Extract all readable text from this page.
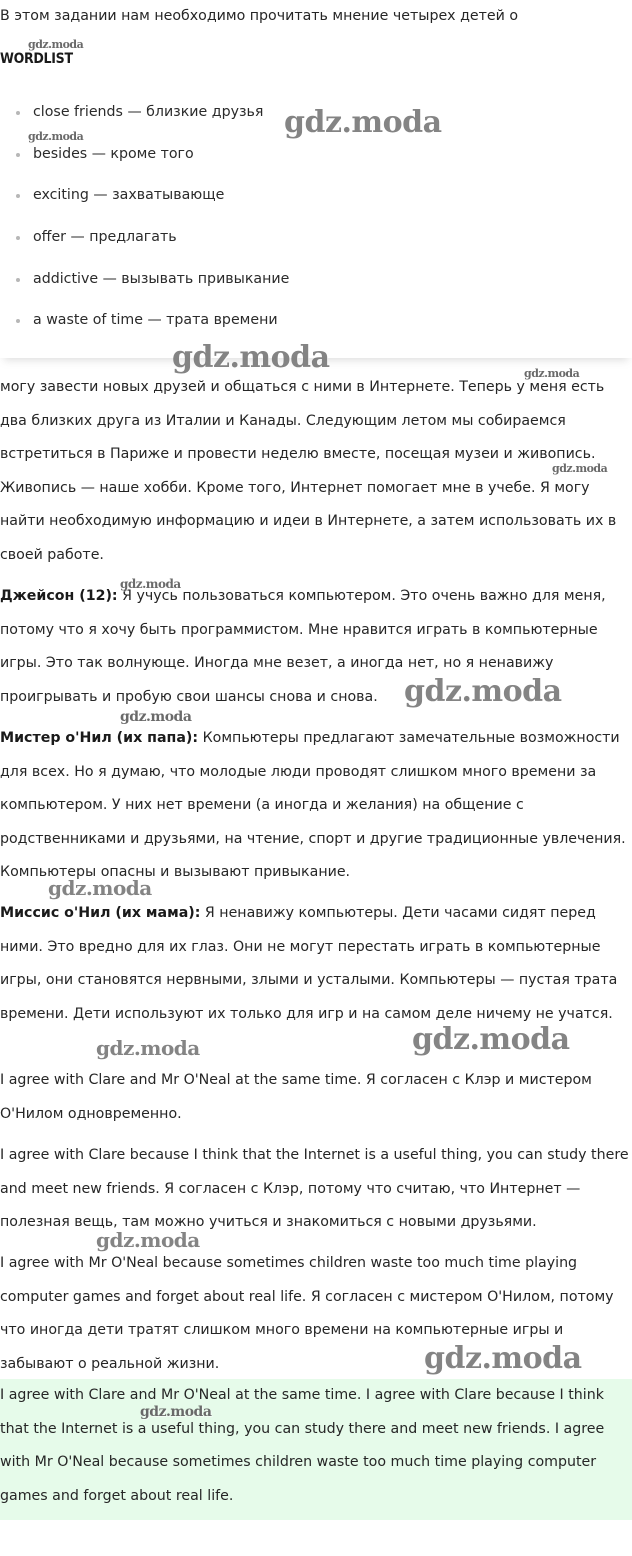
В этом задании нам необходимо прочитать мнение четырех детей о

могу завести новых друзей и общаться с ними в Интернете. Теперь у меня есть два близких друга из Италии и Канады. Следующим летом мы собираемся встретиться в Париже и провести неделю вместе, посещая музеи и живопись. Живопись — наше хобби. Кроме того, Интернет помогает мне в учебе. Я могу найти необходимую информацию и идеи в Интернете, а затем использовать их в своей работе.

Джейсон (12): Я учусь пользоваться компьютером. Это очень важно для меня, потому что я хочу быть программистом. Мне нравится играть в компьютерные игры. Это так волнующе. Иногда мне везет, а иногда нет, но я ненавижу проигрывать и пробую свои шансы снова и снова.

Мистер о'Нил (их папа): Компьютеры предлагают замечательные возможности для всех. Но я думаю, что молодые люди проводят слишком много времени за компьютером. У них нет времени (а иногда и желания) на общение с родственниками и друзьями, на чтение, спорт и другие традиционные увлечения. Компьютеры опасны и вызывают привыкание.

Миссис о'Нил (их мама): Я ненавижу компьютеры. Дети часами сидят перед ними. Это вредно для их глаз. Они не могут перестать играть в компьютерные игры, они становятся нервными, злыми и усталыми. Компьютеры — пустая трата времени. Дети используют их только для игр и на самом деле ничему не учатся.

I agree with Clare and Mr O'Neal at the same time. Я согласен с Клэр и мистером О'Нилом одновременно.

I agree with Clare because I think that the Internet is a useful thing, you can study there and meet new friends. Я согласен с Клэр, потому что считаю, что Интернет — полезная вещь, там можно учиться и знакомиться с новыми друзьями.

I agree with Mr O'Neal because sometimes children waste too much time playing computer games and forget about real life. Я согласен с мистером О'Нилом, потому что иногда дети тратят слишком много времени на компьютерные игры и забывают о реальной жизни.

I agree with Clare and Mr O'Neal at the same time. I agree with Clare because I think that the Internet is a useful thing, you can study there and meet new friends. I agree with Mr O'Neal because sometimes children waste too much time playing computer games and forget about real life.

WORDLIST

close friends — близкие друзья
besides — кроме того
exciting — захватывающе
offer — предлагать
addictive — вызывать привыкание
a waste of time — трата времени
gdz.moda
gdz.moda	gdz.moda
gdz.moda	gdz.moda
gdz.moda
gdz.moda
gdz.moda
gdz.moda
gdz.moda
gdz.moda	gdz.moda
gdz.moda
gdz.moda
gdz.moda
